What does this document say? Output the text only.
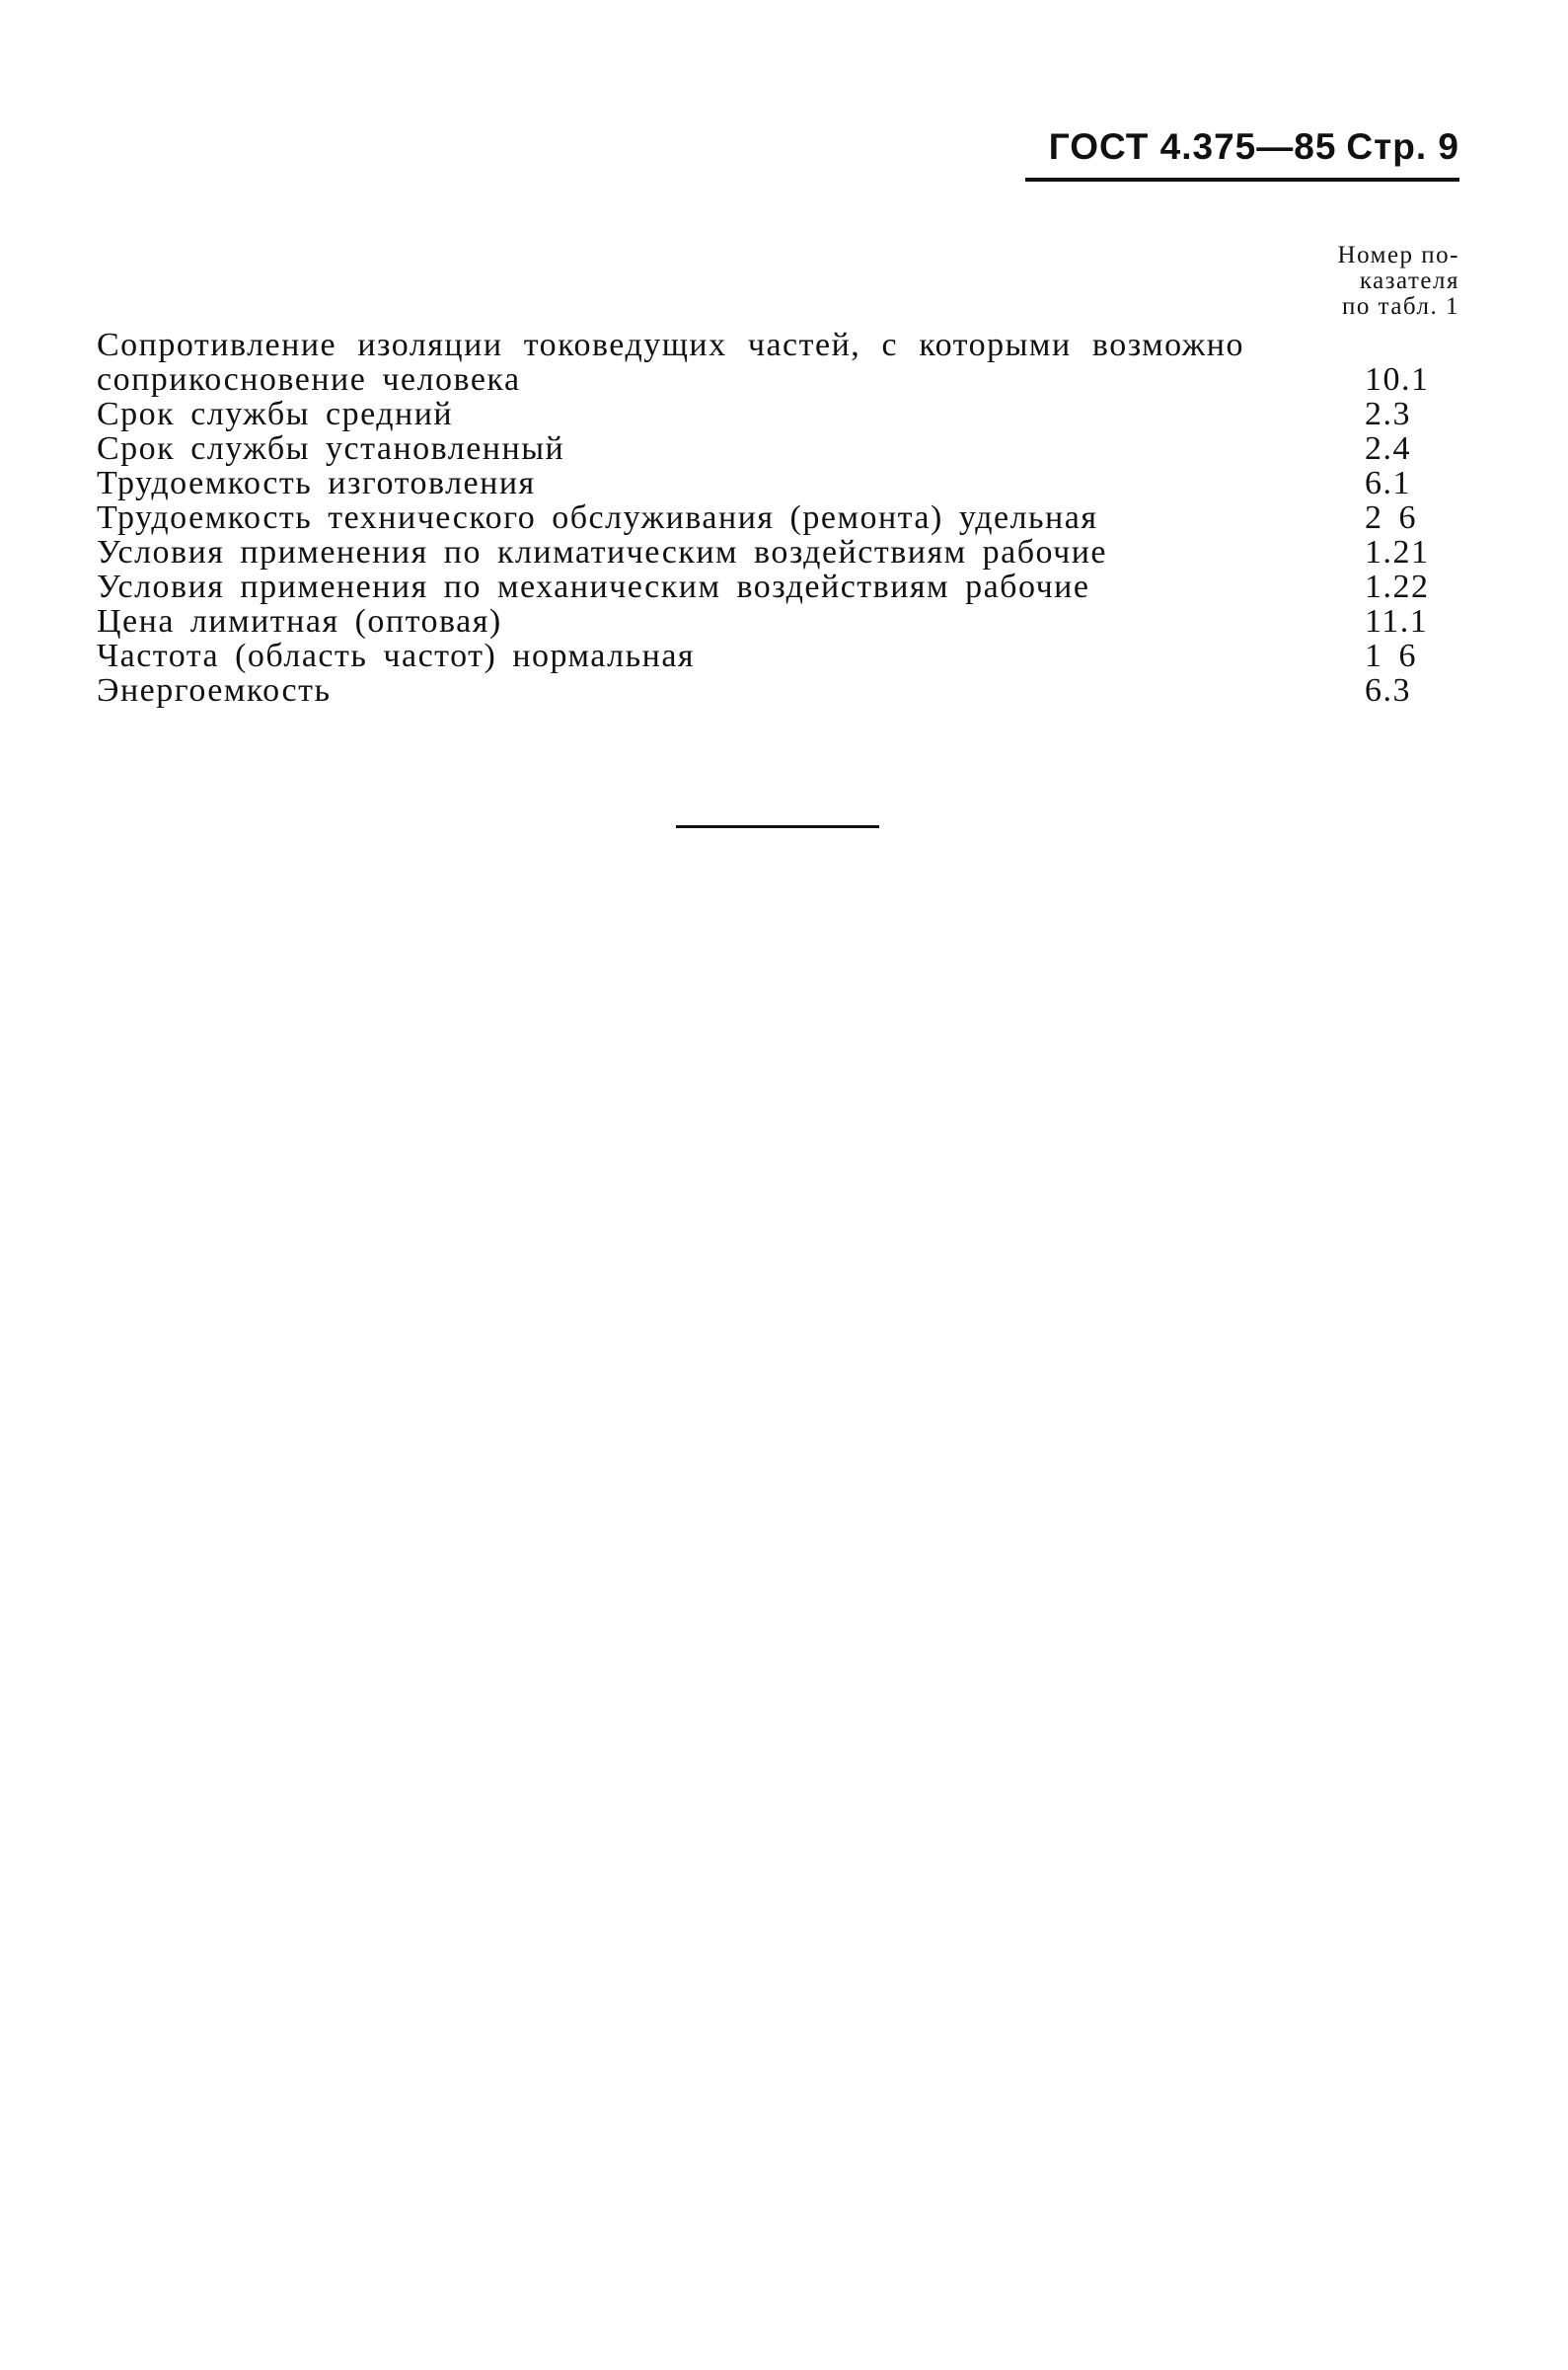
ГОСТ 4.375—85 Стр. 9
Номер по-
казателя
по табл. 1
Сопротивление изоляции токоведущих частей, с которыми возможно соприкосновение человека	10.1
Срок службы средний	2.3
Срок службы установленный	2.4
Трудоемкость изготовления	6.1
Трудоемкость технического обслуживания (ремонта) удельная	2 6
Условия применения по климатическим воздействиям рабочие	1.21
Условия применения по механическим воздействиям рабочие	1.22
Цена лимитная (оптовая)	11.1
Частота (область частот) нормальная	1 6
Энергоемкость	6.3
